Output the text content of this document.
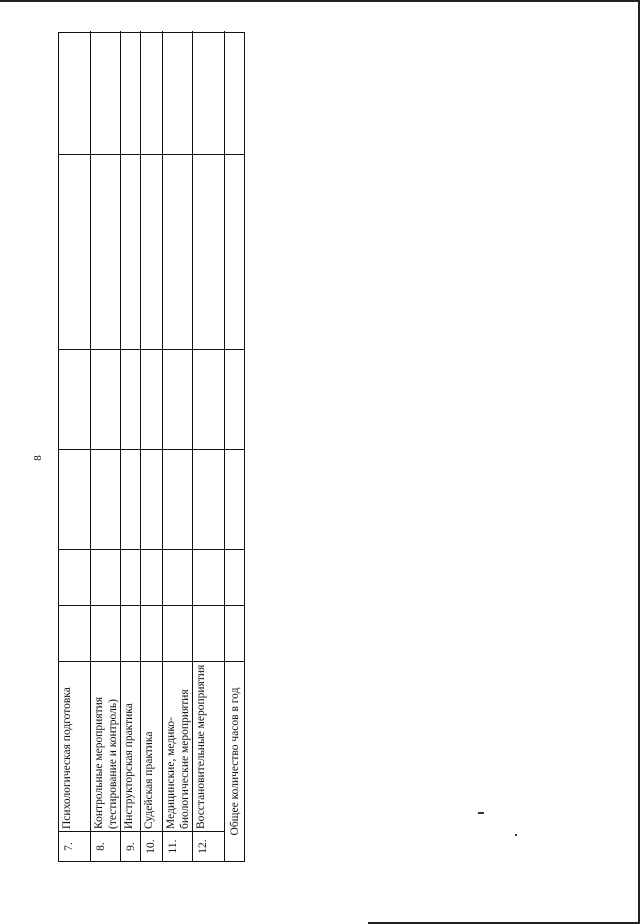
8
7.
Психологическая подготовка
8.
Контрольные мероприятия (тестирование и контроль)
9.
Инструкторская практика
10.
Судейская практика
11.
Медицинские, медико-биологические мероприятия
12.
Восстановительные мероприятия	Общее количество часов в год
